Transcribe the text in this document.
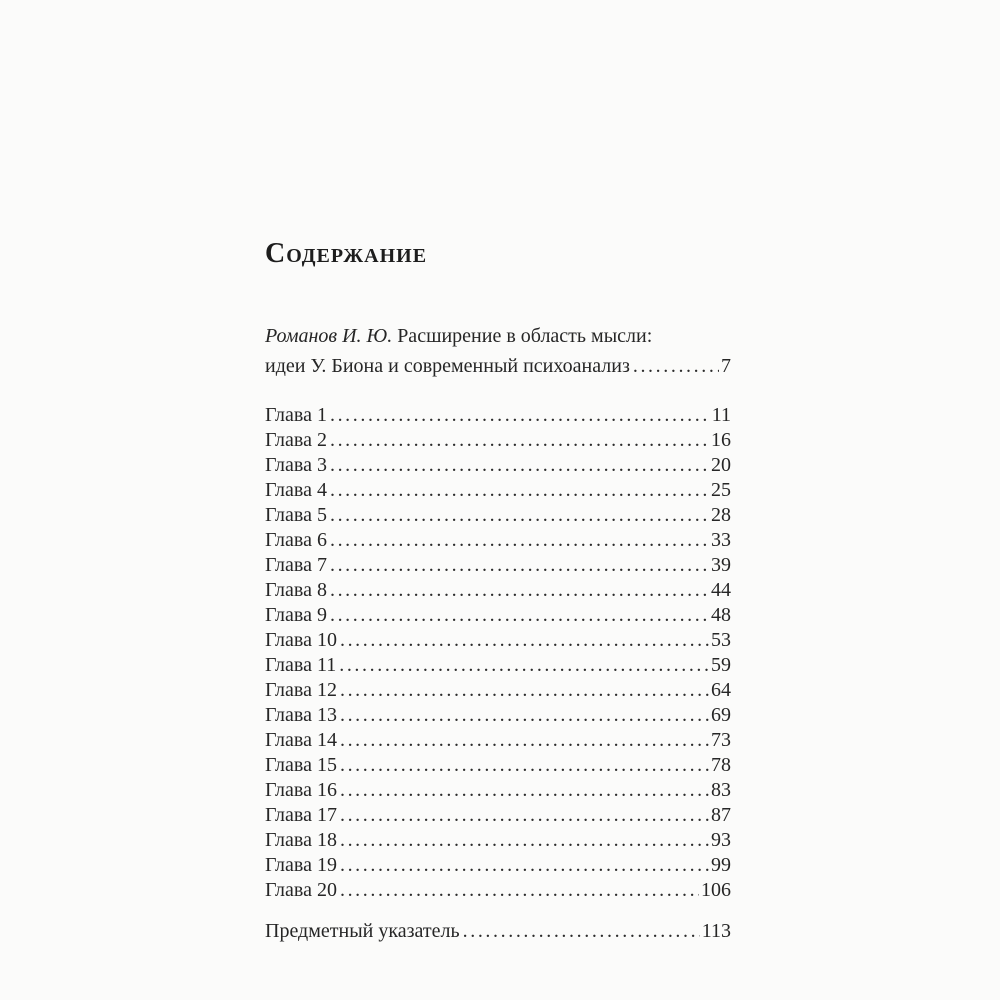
Содержание
Романов И. Ю. Расширение в область мысли:
идеи У. Биона и современный психоанализ .....	7
Глава 1 .....	11
Глава 2 .....	16
Глава 3 .....	20
Глава 4 .....	25
Глава 5 .....	28
Глава 6 .....	33
Глава 7 .....	39
Глава 8 .....	44
Глава 9 .....	48
Глава 10 .....	53
Глава 11 .....	59
Глава 12 .....	64
Глава 13 .....	69
Глава 14 .....	73
Глава 15 .....	78
Глава 16 .....	83
Глава 17 .....	87
Глава 18 .....	93
Глава 19 .....	99
Глава 20 .....	106
Предметный указатель .....	113
